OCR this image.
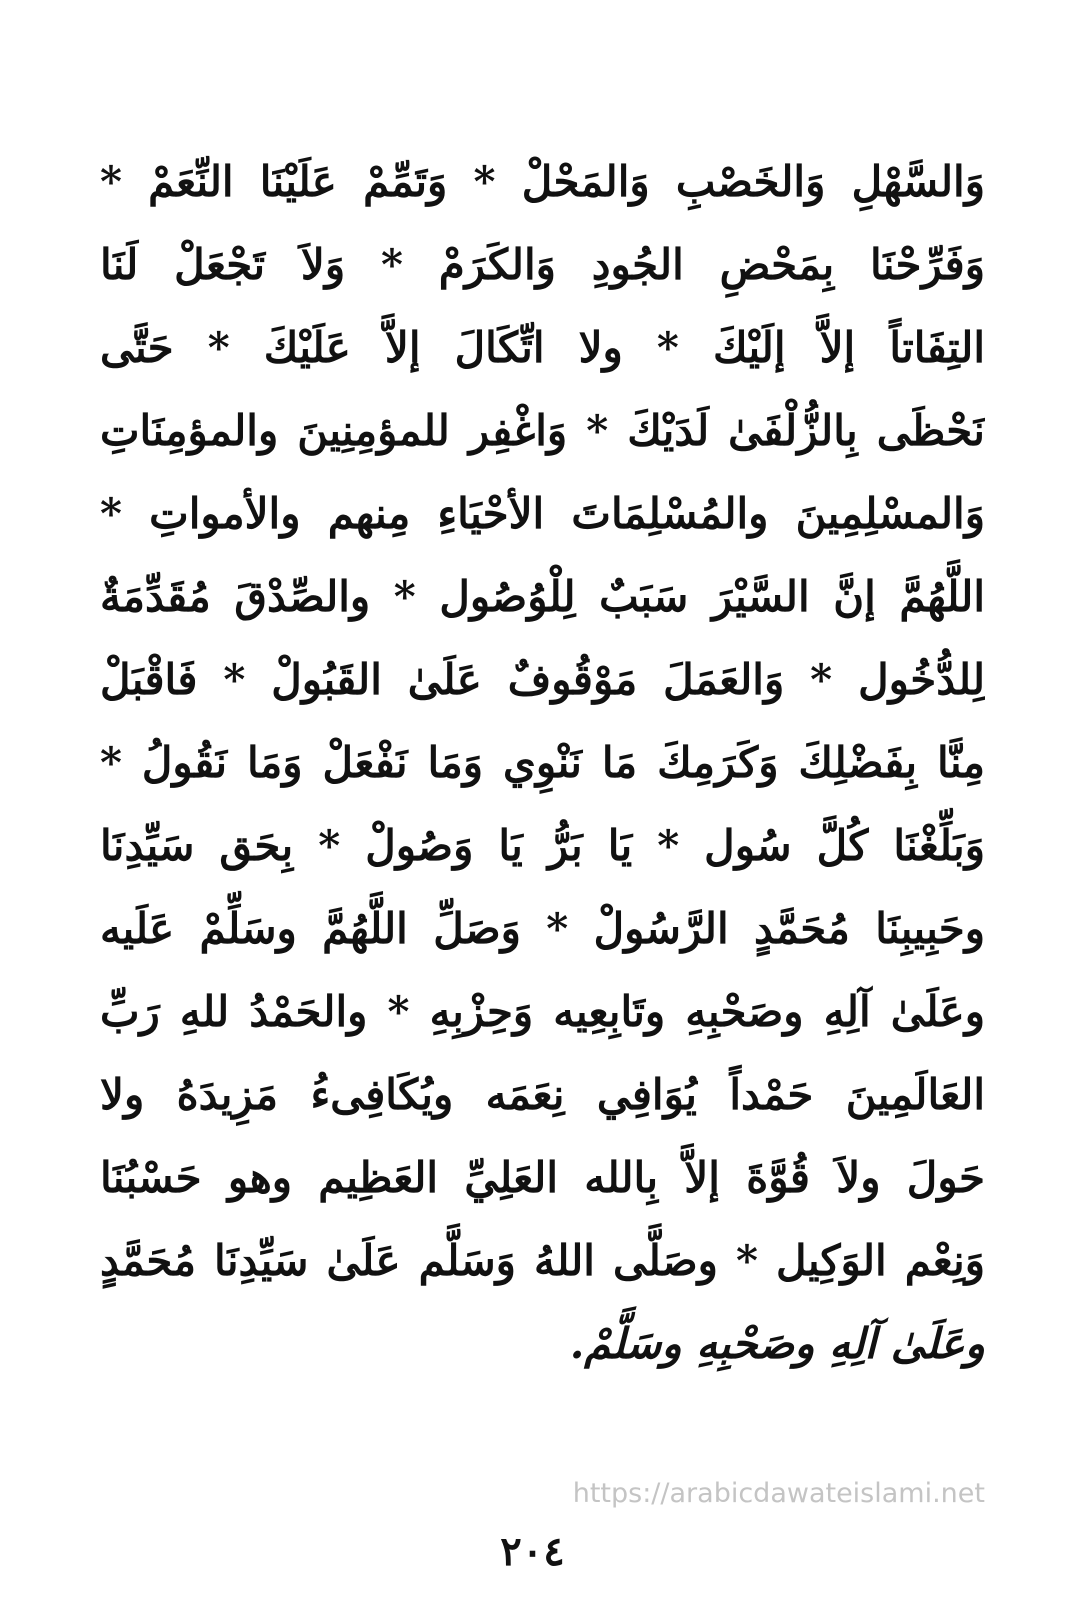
وَالسَّهْلِ وَالخَصْبِ وَالمَحْلْ * وَتَمِّمْ عَلَيْنَا النِّعَمْ *
وَفَرِّحْنَا بِمَحْضِ الجُودِ وَالكَرَمْ * وَلاَ تَجْعَلْ لَنَا
التِفَاتاً إلاَّ إلَيْكَ * ولا اتِّكَالَ إلاَّ عَلَيْكَ * حَتَّى
نَحْظَى بِالزُّلْفَىٰ لَدَيْكَ * وَاغْفِر للمؤمِنِينَ والمؤمِنَاتِ
وَالمسْلِمِينَ والمُسْلِمَاتَ الأحْيَاءِ مِنهم والأمواتِ *
اللَّهُمَّ إنَّ السَّيْرَ سَبَبٌ لِلْوُصُول * والصِّدْقَ مُقَدِّمَةٌ
لِلدُّخُول * وَالعَمَلَ مَوْقُوفٌ عَلَىٰ القَبُولْ * فَاقْبَلْ
مِنَّا بِفَضْلِكَ وَكَرَمِكَ مَا نَنْوِي وَمَا نَفْعَلْ وَمَا نَقُولُ *
وَبَلِّغْنَا كُلَّ سُول * يَا بَرُّ يَا وَصُولْ * بِحَق سَيِّدِنَا
وحَبِيبِنَا مُحَمَّدٍ الرَّسُولْ * وَصَلِّ اللَّهُمَّ وسَلِّمْ عَلَيه
وعَلَىٰ آلِهِ وصَحْبِهِ وتَابِعِيه وَحِزْبِهِ * والحَمْدُ للهِ رَبِّ
العَالَمِينَ حَمْداً يُوَافِي نِعَمَه ويُكَافِىءُ مَزِيدَهُ ولا
حَولَ ولاَ قُوَّةَ إلاَّ بِالله العَلِيِّ العَظِيم وهو حَسْبُنَا
وَنِعْم الوَكِيل * وصَلَّى اللهُ وَسَلَّم عَلَىٰ سَيِّدِنَا مُحَمَّدٍ
وعَلَىٰ آلِهِ وصَحْبِهِ وسَلَّمْ.
https://arabicdawateislami.net
٢٠٤
